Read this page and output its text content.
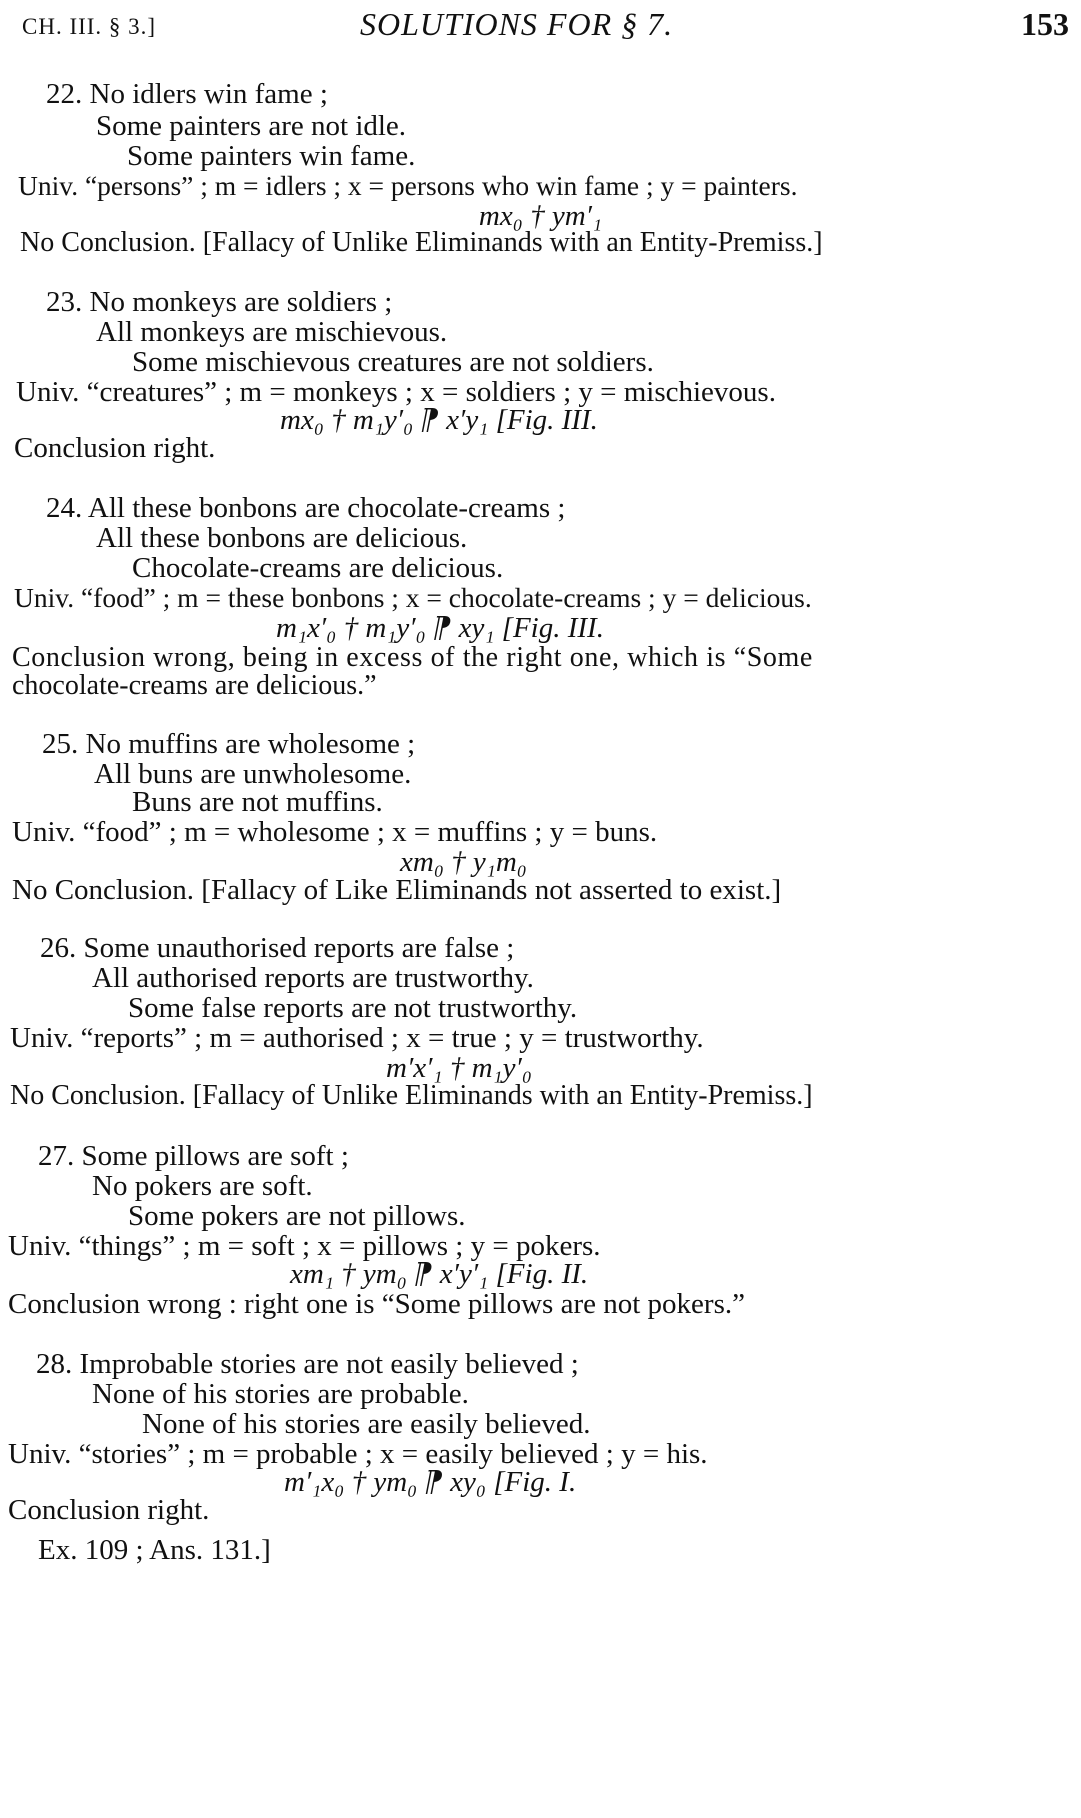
CH. III. § 3.]	SOLUTIONS FOR § 7.	153
22. No idlers win fame ;
Some painters are not idle.
Some painters win fame.
Univ. “persons” ; m = idlers ; x = persons who win fame ; y = painters.
mx₀ † ym′₁
No Conclusion. [Fallacy of Unlike Eliminands with an Entity-Premiss.]
23. No monkeys are soldiers ;
All monkeys are mischievous.
Some mischievous creatures are not soldiers.
Univ. “creatures” ; m = monkeys ; x = soldiers ; y = mischievous.
mx₀ † m₁y′₀ ⁋ x′y₁ [Fig. III.
Conclusion right.
24. All these bonbons are chocolate-creams ;
All these bonbons are delicious.
Chocolate-creams are delicious.
Univ. “food” ; m = these bonbons ; x = chocolate-creams ; y = delicious.
m₁x′₀ † m₁y′₀ ⁋ xy₁ [Fig. III.
Conclusion wrong, being in excess of the right one, which is “Some
chocolate-creams are delicious.”
25. No muffins are wholesome ;
All buns are unwholesome.
Buns are not muffins.
Univ. “food” ; m = wholesome ; x = muffins ; y = buns.
xm₀ † y₁m₀
No Conclusion. [Fallacy of Like Eliminands not asserted to exist.]
26. Some unauthorised reports are false ;
All authorised reports are trustworthy.
Some false reports are not trustworthy.
Univ. “reports” ; m = authorised ; x = true ; y = trustworthy.
m′x′₁ † m₁y′₀
No Conclusion. [Fallacy of Unlike Eliminands with an Entity-Premiss.]
27. Some pillows are soft ;
No pokers are soft.
Some pokers are not pillows.
Univ. “things” ; m = soft ; x = pillows ; y = pokers.
xm₁ † ym₀ ⁋ x′y′₁ [Fig. II.
Conclusion wrong : right one is “Some pillows are not pokers.”
28. Improbable stories are not easily believed ;
None of his stories are probable.
None of his stories are easily believed.
Univ. “stories” ; m = probable ; x = easily believed ; y = his.
m′₁x₀ † ym₀ ⁋ xy₀ [Fig. I.
Conclusion right.
Ex. 109 ; Ans. 131.]
